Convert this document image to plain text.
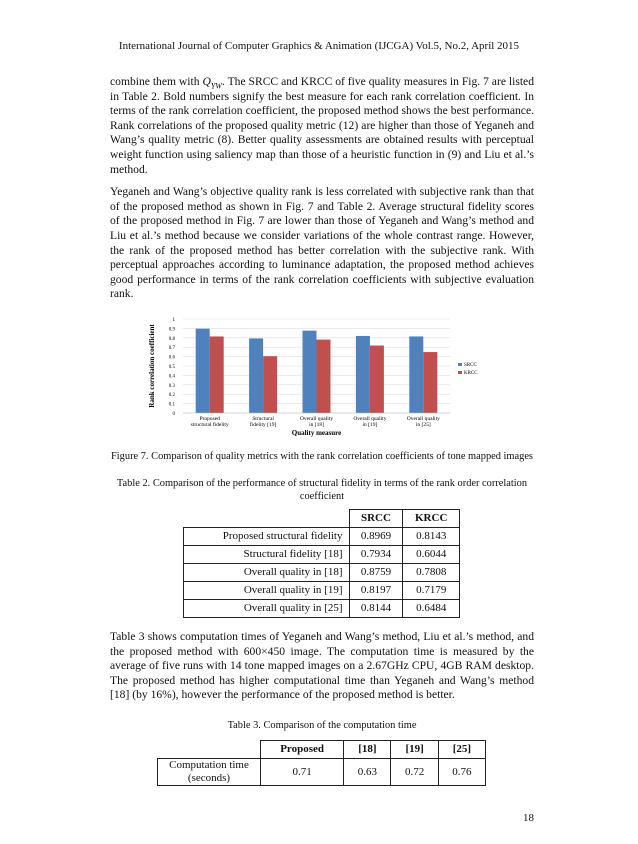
International Journal of Computer Graphics & Animation (IJCGA) Vol.5, No.2, April 2015
combine them with $Q_{YW}$. The SRCC and KRCC of five quality measures in Fig. 7 are listed in Table 2. Bold numbers signify the best measure for each rank correlation coefficient. In terms of the rank correlation coefficient, the proposed method shows the best performance. Rank correlations of the proposed quality metric (12) are higher than those of Yeganeh and Wang’s quality metric (8). Better quality assessments are obtained results with perceptual weight function using saliency map than those of a heuristic function in (9) and Liu et al.’s method.
Yeganeh and Wang’s objective quality rank is less correlated with subjective rank than that of the proposed method as shown in Fig. 7 and Table 2. Average structural fidelity scores of the proposed method in Fig. 7 are lower than those of Yeganeh and Wang’s method and Liu et al.’s method because we consider variations of the whole contrast range. However, the rank of the proposed method has better correlation with the subjective rank. With perceptual approaches according to luminance adaptation, the proposed method achieves good performance in terms of the rank correlation coefficients with subjective evaluation rank.
0
0.1
0.2
0.3
0.4
0.5
0.6
0.7
0.8
0.9
1
Proposed structural fidelity
Structural fidelity [19]
Overall quality in [18]
Overall quality in [19]
Overall quality in [25]
Quality measure
Rank correlation coefficient	SRCC
KRCC
Figure 7. Comparison of quality metrics with the rank correlation coefficients of tone mapped images
Table 2. Comparison of the performance of structural fidelity in terms of the rank order correlation coefficient
	SRCC	KRCC
Proposed structural fidelity	0.8969	0.8143
Structural fidelity [18]	0.7934	0.6044
Overall quality in [18]	0.8759	0.7808
Overall quality in [19]	0.8197	0.7179
Overall quality in [25]	0.8144	0.6484
Table 3 shows computation times of Yeganeh and Wang’s method, Liu et al.’s method, and the proposed method with 600×450 image. The computation time is measured by the average of five runs with 14 tone mapped images on a 2.67GHz CPU, 4GB RAM desktop. The proposed method has higher computational time than Yeganeh and Wang’s method [18] (by 16%), however the performance of the proposed method is better.
Table 3. Comparison of the computation time
	Proposed	[18]	[19]	[25]
Computation time (seconds)	0.71	0.63	0.72	0.76
18
